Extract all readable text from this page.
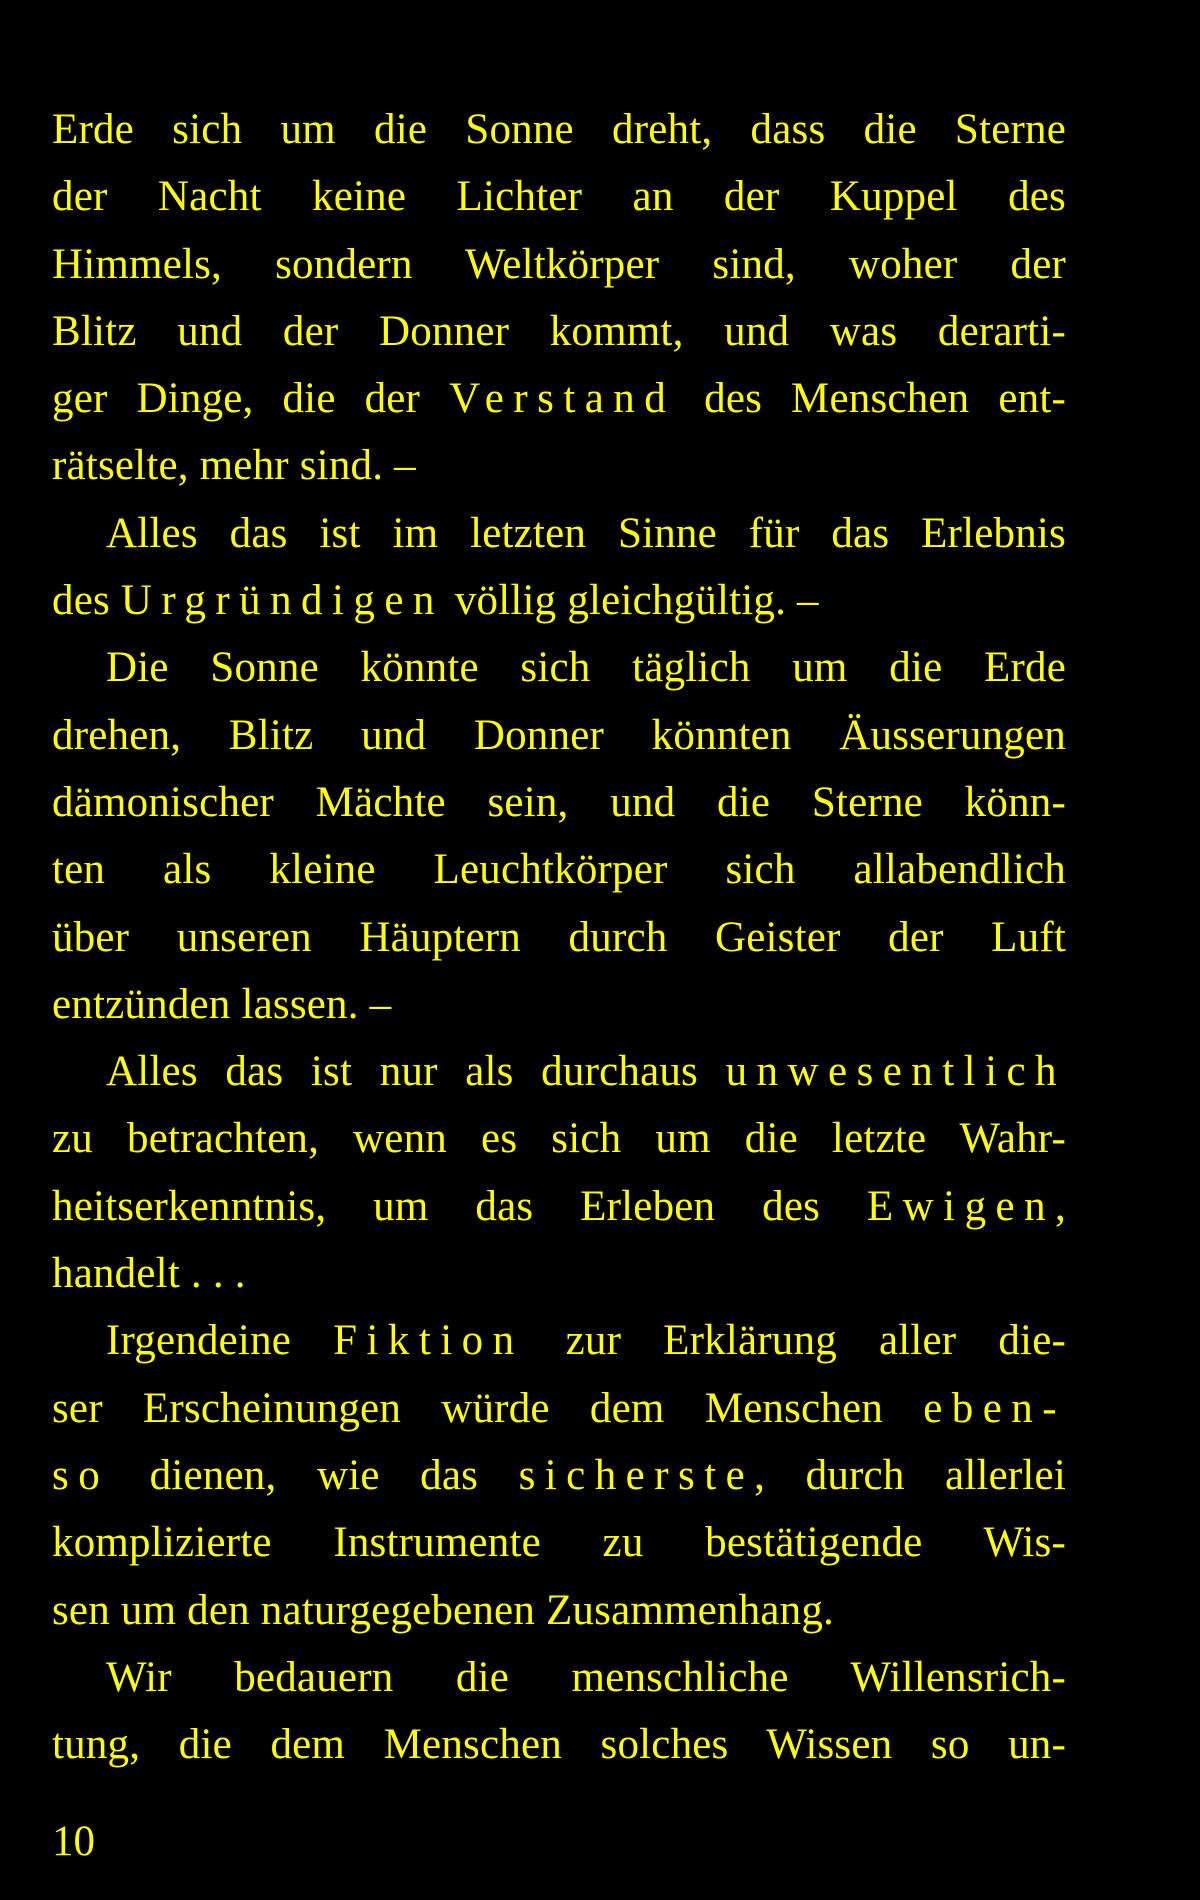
Erde sich um die Sonne dreht, dass die Sterne
der Nacht keine Lichter an der Kuppel des
Himmels, sondern Weltkörper sind, woher der
Blitz und der Donner kommt, und was derarti-
ger Dinge, die der Verstand des Menschen ent-
rätselte, mehr sind. –
Alles das ist im letzten Sinne für das Erlebnis
des Urgründigen völlig gleichgültig. –
Die Sonne könnte sich täglich um die Erde
drehen, Blitz und Donner könnten Äusserungen
dämonischer Mächte sein, und die Sterne könn-
ten als kleine Leuchtkörper sich allabendlich
über unseren Häuptern durch Geister der Luft
entzünden lassen. –
Alles das ist nur als durchaus unwesentlich
zu betrachten, wenn es sich um die letzte Wahr-
heitserkenntnis, um das Erleben des Ewigen,
handelt . . .
Irgendeine Fiktion zur Erklärung aller die-
ser Erscheinungen würde dem Menschen eben-
so dienen, wie das sicherste, durch allerlei
komplizierte Instrumente zu bestätigende Wis-
sen um den naturgegebenen Zusammenhang.
Wir bedauern die menschliche Willensrich-
tung, die dem Menschen solches Wissen so un-
10
